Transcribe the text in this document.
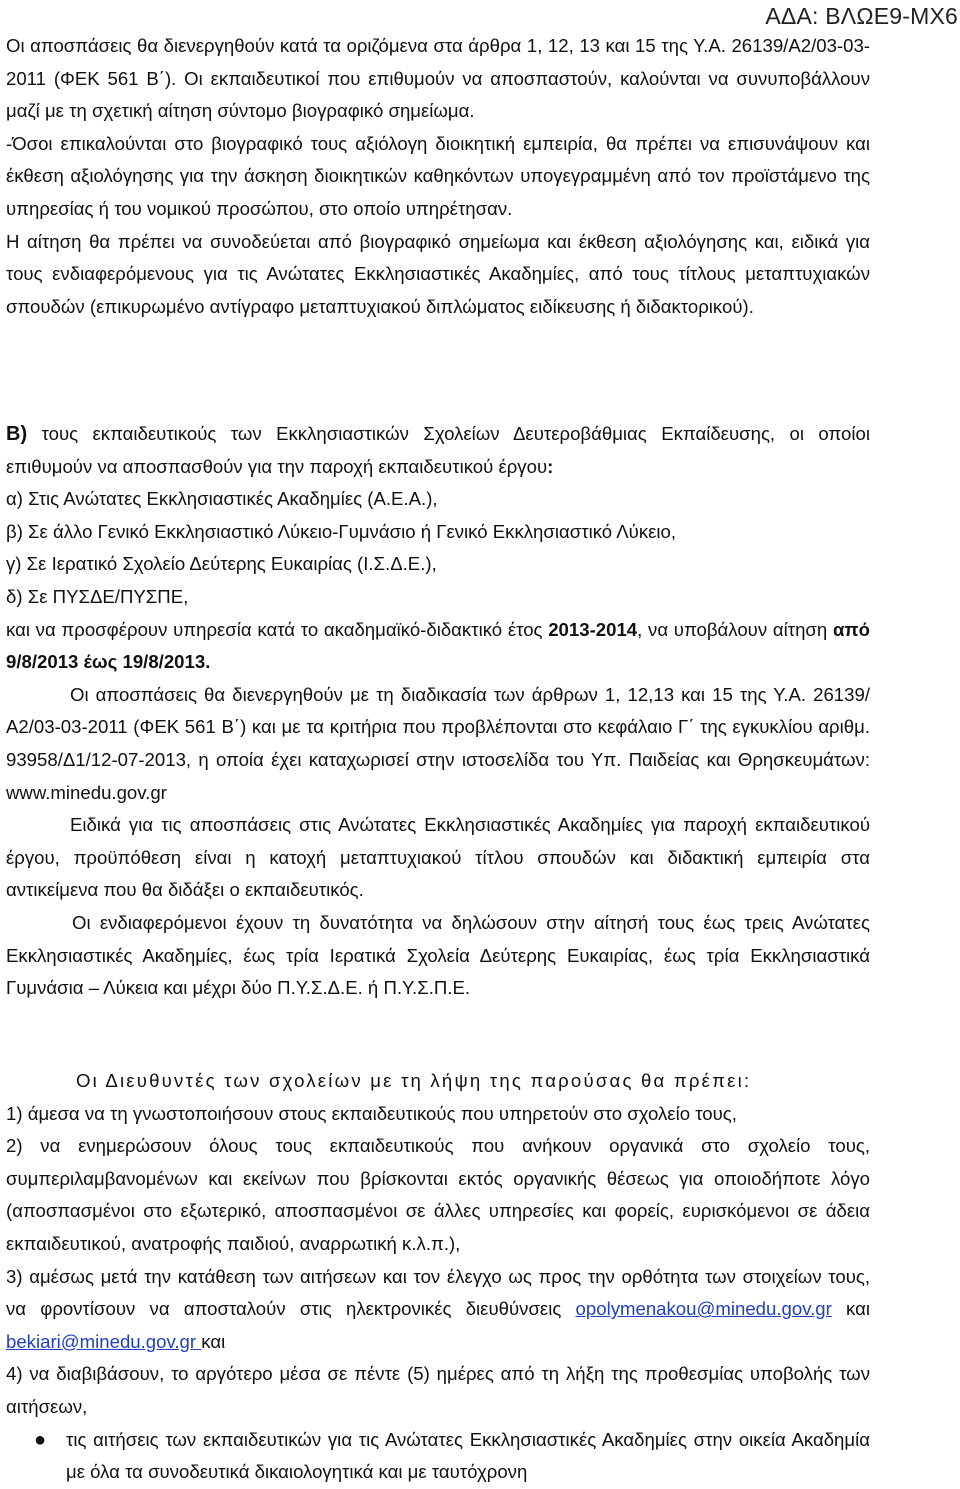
ΑΔΑ: ΒΛΩΕ9-ΜΧ6

Οι αποσπάσεις θα διενεργηθούν κατά τα οριζόμενα στα άρθρα 1, 12, 13 και 15 της Υ.Α. 26139/Α2/03-03-2011 (ΦΕΚ 561 Β΄). Οι εκπαιδευτικοί που επιθυμούν να αποσπαστούν, καλούνται να συνυποβάλλουν μαζί με τη σχετική αίτηση σύντομο βιογραφικό σημείωμα.

-Όσοι επικαλούνται στο βιογραφικό τους αξιόλογη διοικητική εμπειρία, θα πρέπει να επισυνάψουν και έκθεση αξιολόγησης για την άσκηση διοικητικών καθηκόντων υπογεγραμμένη από τον προϊστάμενο της υπηρεσίας ή του νομικού προσώπου, στο οποίο υπηρέτησαν.

Η αίτηση θα πρέπει να συνοδεύεται από βιογραφικό σημείωμα και έκθεση αξιολόγησης και, ειδικά για τους ενδιαφερόμενους για τις Ανώτατες Εκκλησιαστικές Ακαδημίες, από τους τίτλους μεταπτυχιακών σπουδών (επικυρωμένο αντίγραφο μεταπτυχιακού διπλώματος ειδίκευσης ή διδακτορικού).

Β) τους εκπαιδευτικούς των Εκκλησιαστικών Σχολείων Δευτεροβάθμιας Εκπαίδευσης, οι οποίοι επιθυμούν να αποσπασθούν για την παροχή εκπαιδευτικού έργου:

α) Στις Ανώτατες Εκκλησιαστικές Ακαδημίες (Α.Ε.Α.),

β) Σε άλλο Γενικό Εκκλησιαστικό Λύκειο-Γυμνάσιο ή Γενικό Εκκλησιαστικό Λύκειο,

γ) Σε Ιερατικό Σχολείο Δεύτερης Ευκαιρίας (Ι.Σ.Δ.Ε.),

δ) Σε ΠΥΣΔΕ/ΠΥΣΠΕ,

και να προσφέρουν υπηρεσία κατά το ακαδημαϊκό-διδακτικό έτος 2013-2014, να υποβάλουν αίτηση από 9/8/2013 έως 19/8/2013.

Οι αποσπάσεις θα διενεργηθούν με τη διαδικασία των άρθρων 1, 12,13 και 15 της Υ.Α. 26139/Α2/03-03-2011 (ΦΕΚ 561 Β΄) και με τα κριτήρια που προβλέπονται στο κεφάλαιο Γ΄ της εγκυκλίου αριθμ. 93958/Δ1/12-07-2013, η οποία έχει καταχωρισεί στην ιστοσελίδα του Υπ. Παιδείας και Θρησκευμάτων: www.minedu.gov.gr

Ειδικά για τις αποσπάσεις στις Ανώτατες Εκκλησιαστικές Ακαδημίες για παροχή εκπαιδευτικού έργου, προϋπόθεση είναι η κατοχή μεταπτυχιακού τίτλου σπουδών και διδακτική εμπειρία στα αντικείμενα που θα διδάξει ο εκπαιδευτικός.

Οι ενδιαφερόμενοι έχουν τη δυνατότητα να δηλώσουν στην αίτησή τους έως τρεις Ανώτατες Εκκλησιαστικές Ακαδημίες, έως τρία Ιερατικά Σχολεία Δεύτερης Ευκαιρίας, έως τρία Εκκλησιαστικά Γυμνάσια – Λύκεια και μέχρι δύο Π.Υ.Σ.Δ.Ε. ή Π.Υ.Σ.Π.Ε.

Οι Διευθυντές των σχολείων με τη λήψη της παρούσας θα πρέπει:

1) άμεσα να τη γνωστοποιήσουν στους εκπαιδευτικούς που υπηρετούν στο σχολείο τους,

2) να ενημερώσουν όλους τους εκπαιδευτικούς που ανήκουν οργανικά στο σχολείο τους, συμπεριλαμβανομένων και εκείνων που βρίσκονται εκτός οργανικής θέσεως για οποιοδήποτε λόγο (αποσπασμένοι στο εξωτερικό, αποσπασμένοι σε άλλες υπηρεσίες και φορείς, ευρισκόμενοι σε άδεια εκπαιδευτικού, ανατροφής παιδιού, αναρρωτική κ.λ.π.),

3) αμέσως μετά την κατάθεση των αιτήσεων και τον έλεγχο ως προς την ορθότητα των στοιχείων τους, να φροντίσουν να αποσταλούν στις ηλεκτρονικές διευθύνσεις opolymenakou@minedu.gov.gr και bekiari@minedu.gov.gr και

4) να διαβιβάσουν, το αργότερο μέσα σε πέντε (5) ημέρες από τη λήξη της προθεσμίας υποβολής των αιτήσεων,

● τις αιτήσεις των εκπαιδευτικών για τις Ανώτατες Εκκλησιαστικές Ακαδημίες στην οικεία Ακαδημία με όλα τα συνοδευτικά δικαιολογητικά και με ταυτόχρονη
